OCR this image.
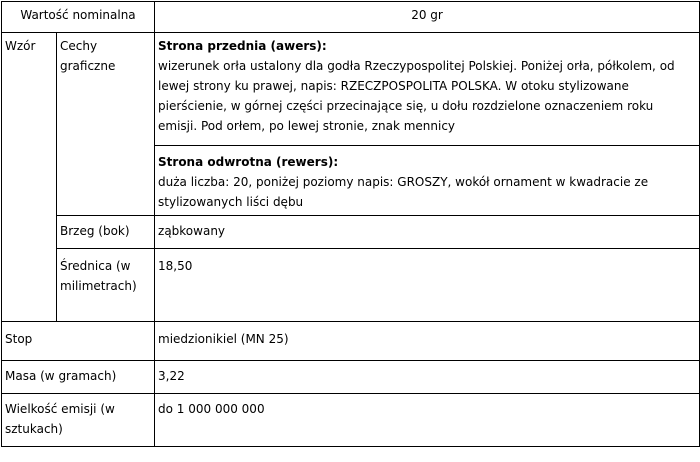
Wartość nominalna		20 gr
Wzór	Cechy graficzne	Strona przednia (awers):
wizerunek orła ustalony dla godła Rzeczypospolitej Polskiej. Poniżej orła, półkolem, od lewej strony ku prawej, napis: RZECZPOSPOLITA POLSKA. W otoku stylizowane pierścienie, w górnej części przecinające się, u dołu rozdzielone oznaczeniem roku emisji. Pod orłem, po lewej stronie, znak mennicy

		Strona odwrotna (rewers):
duża liczba: 20, poniżej poziomy napis: GROSZY, wokół ornament w kwadracie ze stylizowanych liści dębu

	Brzeg (bok)	ząbkowany
	Średnica (w milimetrach)	18,50
Stop		miedzionikiel (MN 25)
Masa (w gramach)		3,22
Wielkość emisji (w sztukach)		do 1 000 000 000
